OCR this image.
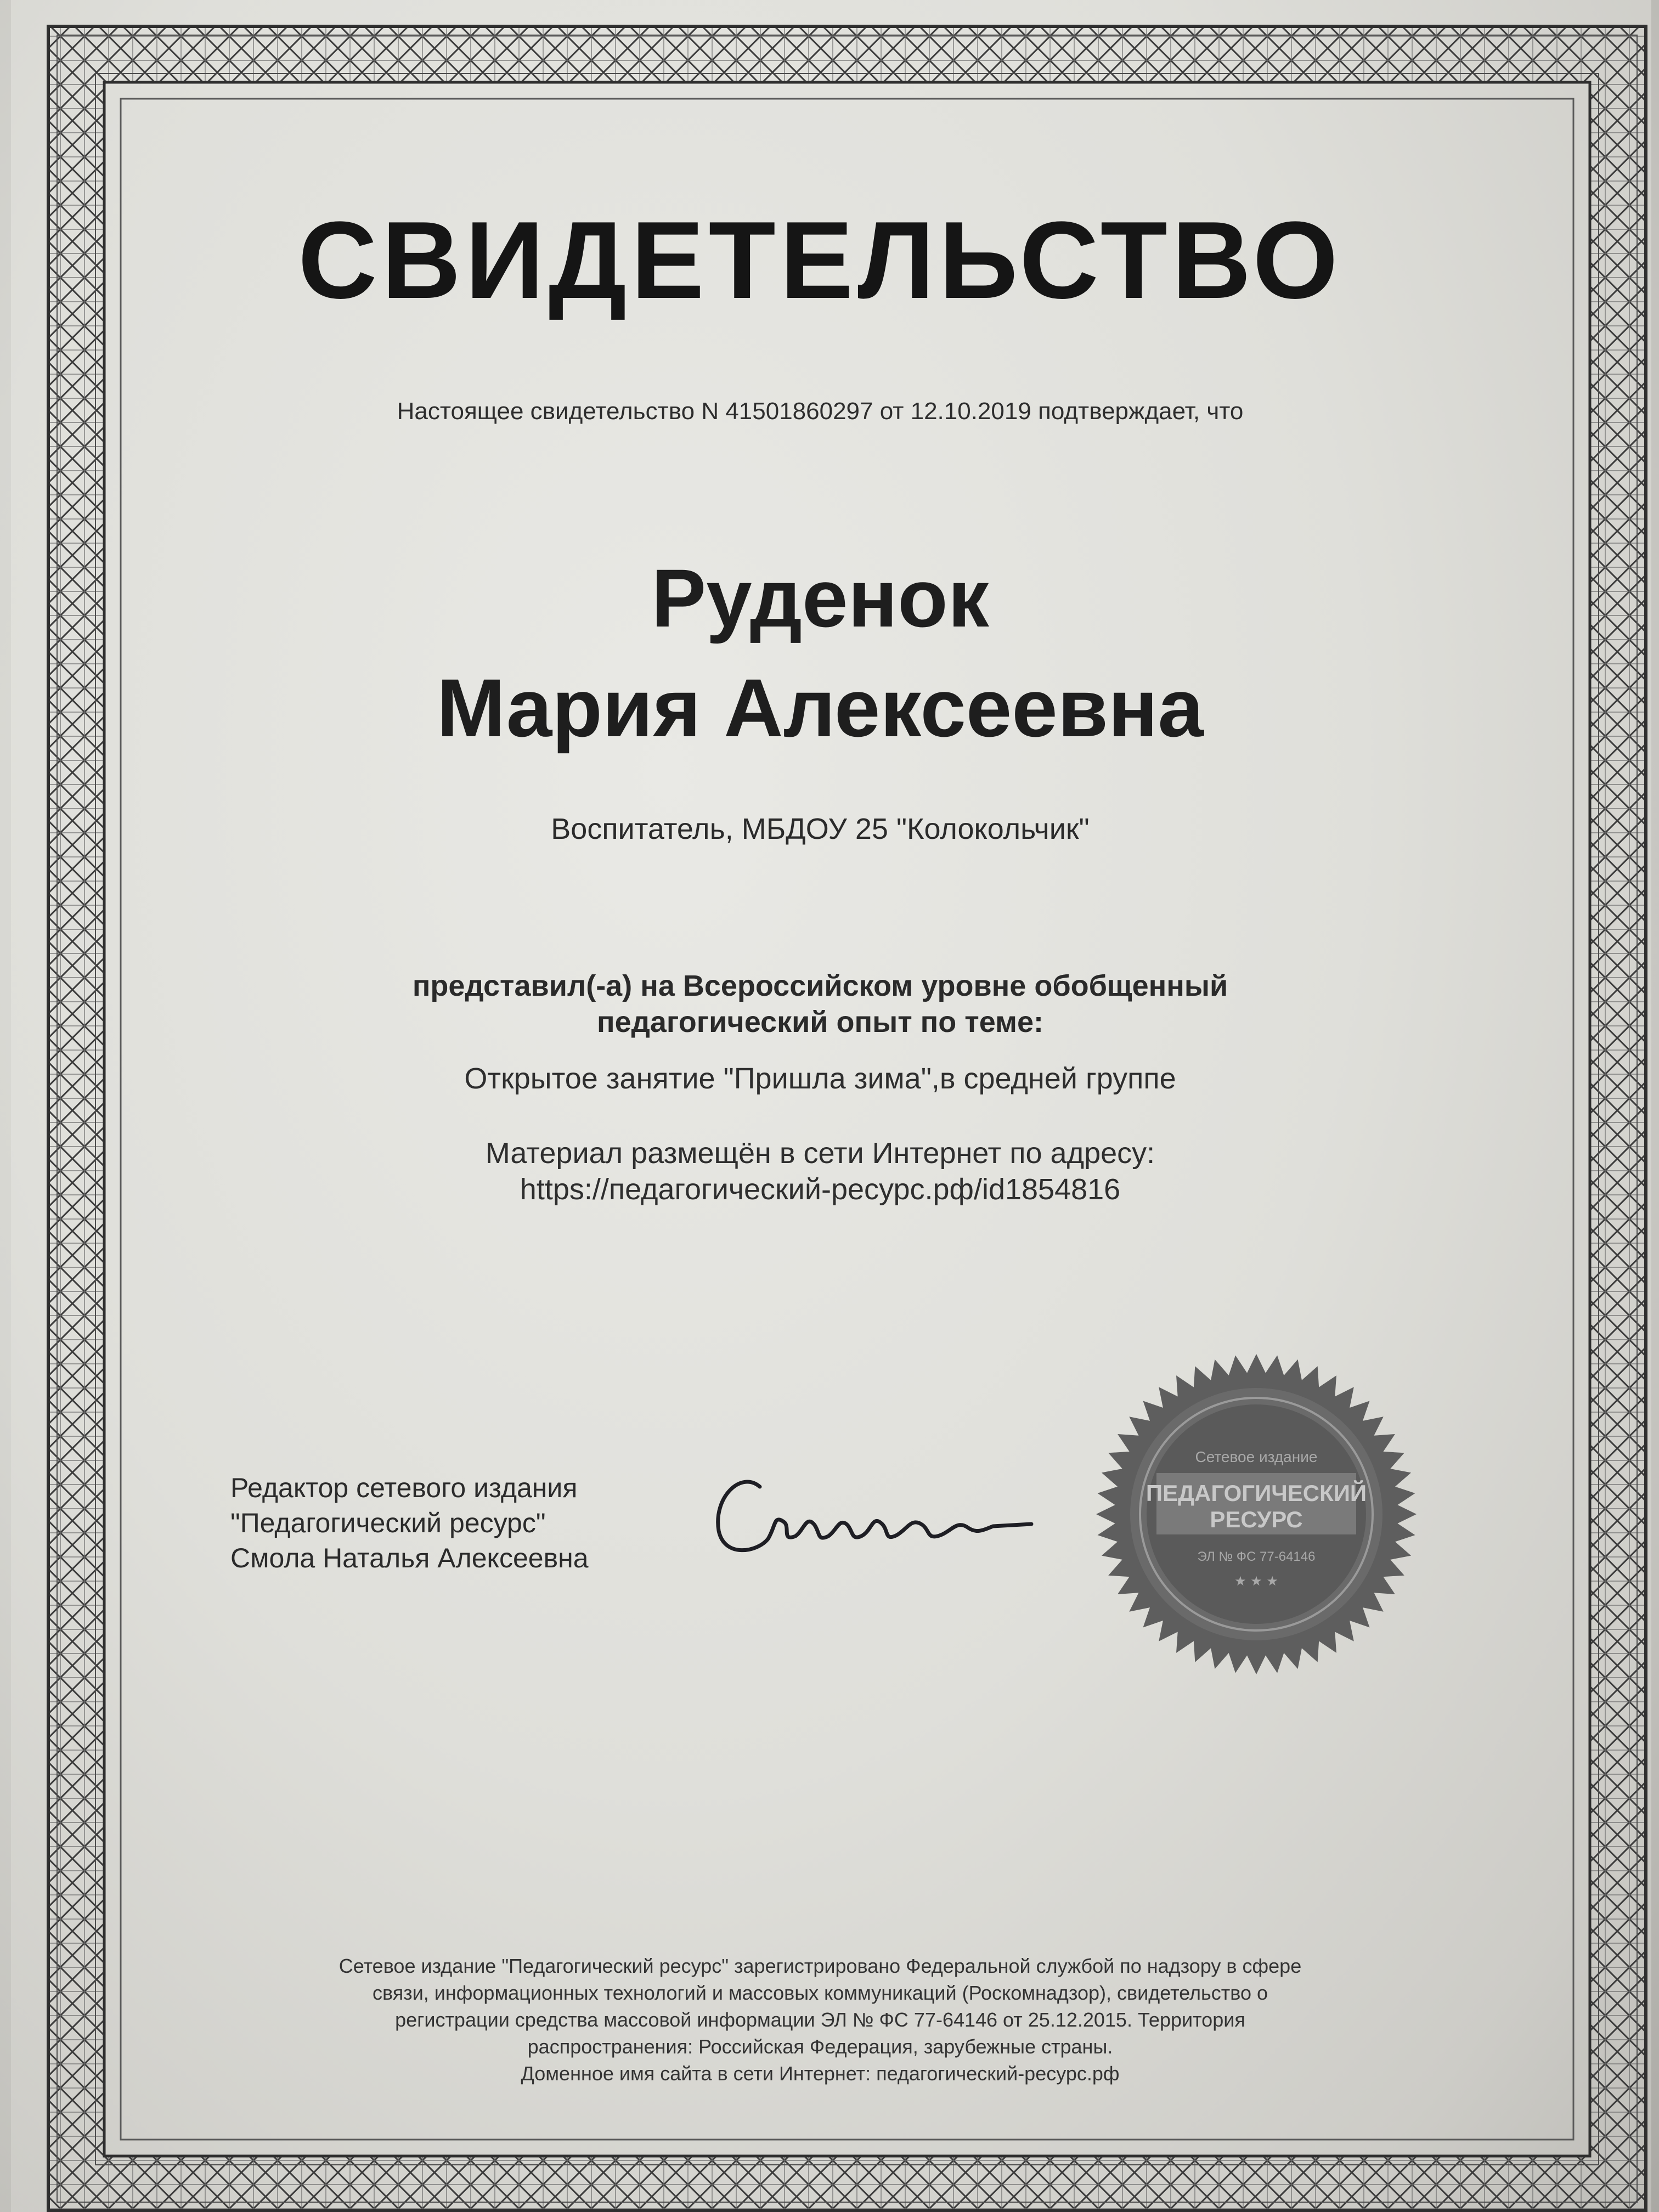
СВИДЕТЕЛЬСТВО
Настоящее свидетельство N 41501860297 от 12.10.2019 подтверждает, что
Руденок
Мария Алексеевна
Воспитатель, МБДОУ 25 "Колокольчик"
представил(-а) на Всероссийском уровне обобщенный
педагогический опыт по теме:
Открытое занятие "Пришла зима",в средней группе
Материал размещён в сети Интернет по адресу:
https://педагогический-ресурс.рф/id1854816
Редактор сетевого издания
"Педагогический ресурс"
Смола Наталья Алексеевна
Сетевое издание
ПЕДАГОГИЧЕСКИЙ
РЕСУРС
ЭЛ № ФС 77-64146
★ ★ ★

Сетевое издание "Педагогический ресурс" зарегистрировано Федеральной службой по надзору в сфере

связи, информационных технологий и массовых коммуникаций (Роскомнадзор), свидетельство о

регистрации средства массовой информации ЭЛ № ФС 77-64146 от 25.12.2015. Территория

распространения: Российская Федерация, зарубежные страны.

Доменное имя сайта в сети Интернет: педагогический-ресурс.рф
